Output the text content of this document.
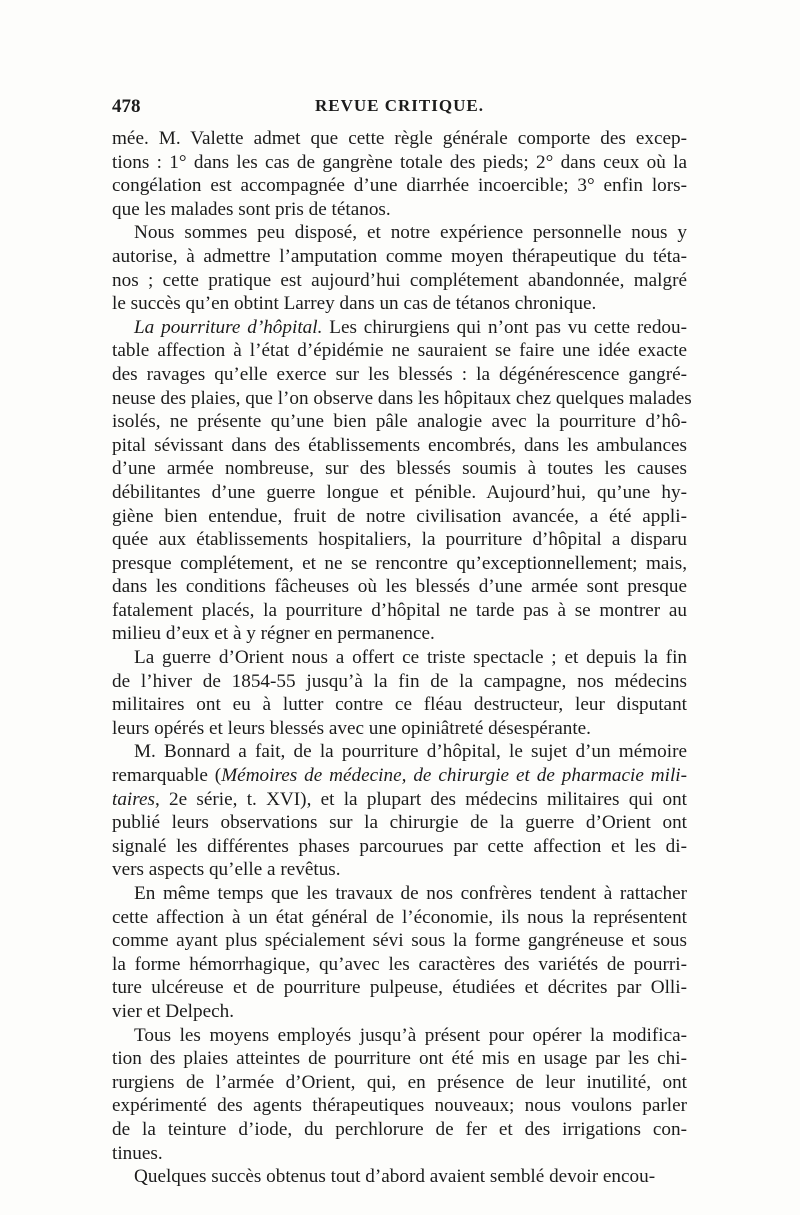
478	REVUE CRITIQUE.
mée. M. Valette admet que cette règle générale comporte des excep-
tions : 1° dans les cas de gangrène totale des pieds; 2° dans ceux où la
congélation est accompagnée d’une diarrhée incoercible; 3° enfin lors-
que les malades sont pris de tétanos.
Nous sommes peu disposé, et notre expérience personnelle nous y
autorise, à admettre l’amputation comme moyen thérapeutique du téta-
nos ; cette pratique est aujourd’hui complétement abandonnée, malgré
le succès qu’en obtint Larrey dans un cas de tétanos chronique.
La pourriture d’hôpital. Les chirurgiens qui n’ont pas vu cette redou-
table affection à l’état d’épidémie ne sauraient se faire une idée exacte
des ravages qu’elle exerce sur les blessés : la dégénérescence gangré-
neuse des plaies, que l’on observe dans les hôpitaux chez quelques malades
isolés, ne présente qu’une bien pâle analogie avec la pourriture d’hô-
pital sévissant dans des établissements encombrés, dans les ambulances
d’une armée nombreuse, sur des blessés soumis à toutes les causes
débilitantes d’une guerre longue et pénible. Aujourd’hui, qu’une hy-
giène bien entendue, fruit de notre civilisation avancée, a été appli-
quée aux établissements hospitaliers, la pourriture d’hôpital a disparu
presque complétement, et ne se rencontre qu’exceptionnellement; mais,
dans les conditions fâcheuses où les blessés d’une armée sont presque
fatalement placés, la pourriture d’hôpital ne tarde pas à se montrer au
milieu d’eux et à y régner en permanence.
La guerre d’Orient nous a offert ce triste spectacle ; et depuis la fin
de l’hiver de 1854-55 jusqu’à la fin de la campagne, nos médecins
militaires ont eu à lutter contre ce fléau destructeur, leur disputant
leurs opérés et leurs blessés avec une opiniâtreté désespérante.
M. Bonnard a fait, de la pourriture d’hôpital, le sujet d’un mémoire
remarquable (Mémoires de médecine, de chirurgie et de pharmacie mili-
taires, 2e série, t. XVI), et la plupart des médecins militaires qui ont
publié leurs observations sur la chirurgie de la guerre d’Orient ont
signalé les différentes phases parcourues par cette affection et les di-
vers aspects qu’elle a revêtus.
En même temps que les travaux de nos confrères tendent à rattacher
cette affection à un état général de l’économie, ils nous la représentent
comme ayant plus spécialement sévi sous la forme gangréneuse et sous
la forme hémorrhagique, qu’avec les caractères des variétés de pourri-
ture ulcéreuse et de pourriture pulpeuse, étudiées et décrites par Olli-
vier et Delpech.
Tous les moyens employés jusqu’à présent pour opérer la modifica-
tion des plaies atteintes de pourriture ont été mis en usage par les chi-
rurgiens de l’armée d’Orient, qui, en présence de leur inutilité, ont
expérimenté des agents thérapeutiques nouveaux; nous voulons parler
de la teinture d’iode, du perchlorure de fer et des irrigations con-
tinues.
Quelques succès obtenus tout d’abord avaient semblé devoir encou-
